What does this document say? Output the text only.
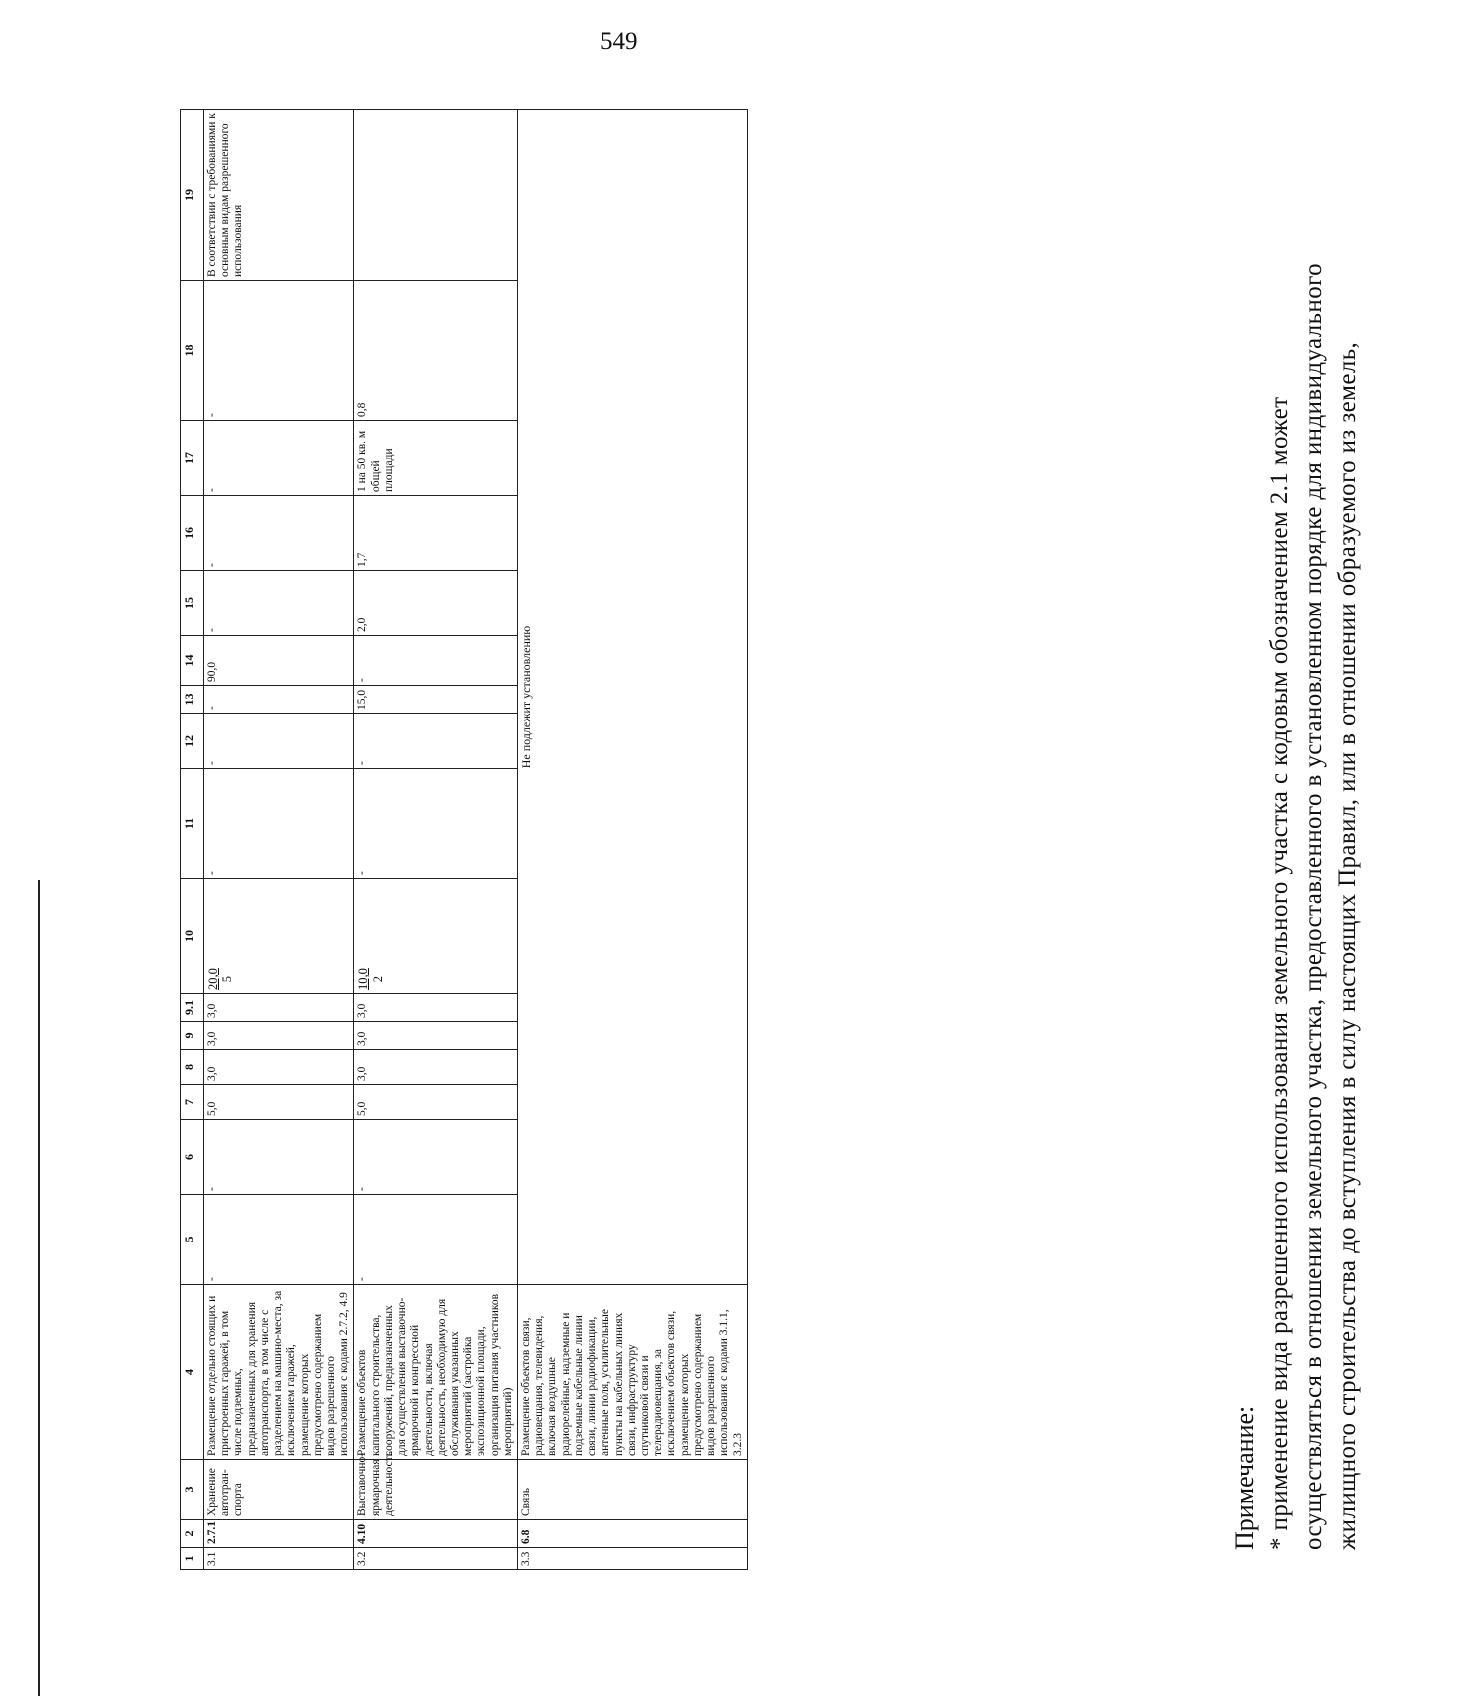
549
1	2	3	4	5	6	7	8	9	9.1	10	11	12	13	14	15	16	17	18	19
3.1	2.7.1	Хранение автотран-спорта	Размещение отдельно стоящих и пристроенных гаражей, в том числе подземных, предназначенных для хранения автотранспорта, в том числе с разделением на машино-места, за исключением гаражей, размещение которых предусмотрено содержанием видов разрешенного использования с кодами 2.7.2, 4.9	-	-	5,0	3,0	3,0	3,0	20,0 5	-	-	-	90,0	-	-	-	-	В соответствии с требованиями к основным видам разрешенного использования
3.2	4.10	Выставочно-ярмарочная деятельность	Размещение объектов капитального строительства, сооружений, предназначенных для осуществления выставочно-ярмарочной и конгрессной деятельности, включая деятельность, необходимую для обслуживания указанных мероприятий (застройка экспозиционной площади, организация питания участников мероприятий)	-	-	5,0	3,0	3,0	3,0	10,0 2	-	-	15,0	-	2,0	1,7	1 на 50 кв. м общей площади	0,8	
3.3	6.8	Связь	Размещение объектов связи, радиовещания, телевидения, включая воздушные радиорелейные, надземные и подземные кабельные линии связи, линии радиофикации, антенные поля, усилительные пункты на кабельных линиях связи, инфраструктуру спутниковой связи и телерадиовещания, за исключением объектов связи, размещение которых предусмотрено содержанием видов разрешенного использования с кодами 3.1.1, 3.2.3	Не подлежит установлению															
Примечание: * применение вида разрешенного использования земельного участка с кодовым обозначением 2.1 может осуществляться в отношении земельного участка, предоставленного в установленном порядке для индивидуального жилищного строительства до вступления в силу настоящих Правил, или в отношении образуемого из земель,
